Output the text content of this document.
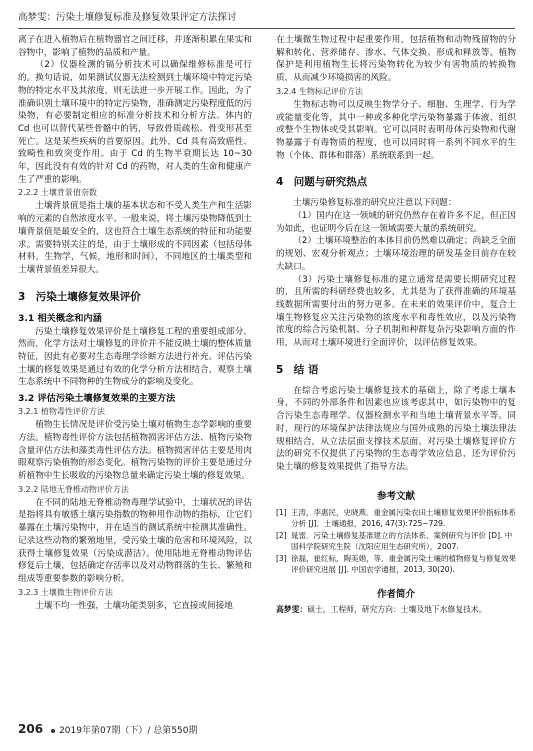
高梦雯：污染土壤修复标准及修复效果评定方法探讨

离子在进入植物后在植物器官之间迁移，并逐渐积累在果实和谷物中，影响了植物的品质和产量。

（2）仪器检测的镉分析技术可以确保维修标准是可行的。换句话说，如果测试仪器无法检测到土壤环境中特定污染物的特定水平及其浓度，则无法进一步开展工作。因此，为了准确识别土壤环境中的特定污染物，准确测定污染程度低的污染物，有必要制定相应的标准分析技术和分析方法。体内的 Cd 也可以替代某些骨骼中的钙，导致骨质疏松、骨变形甚至死亡。这是某些疾病的首要原因。此外，Cd 具有高致癌性、致畸性和致突变作用。由于 Cd 的生物半衰期长达 10~30 年，因此没有有效的针对 Cd 的药物，对人类的生命和健康产生了严重的影响。

2.2.2 土壤背景值奈数

土壤背景值是指土壤的基本状态和不受人类生产和生活影响的元素的自然浓度水平。一般来说，将土壤污染物降低到土壤背景值是最安全的，这也符合土壤生态系统的特征和功能要求。需要特别关注的是，由于土壤形成的不同因素（包括母体材料，生物学，气候，地形和时间），不同地区的土壤类型和土壤背景值差异很大。

3　污染土壤修复效果评价
3.1 相关概念和内涵

污染土壤修复效果评价是土壤修复工程的重要组成部分。然而，化学方法对土壤修复的评价并不能反映土壤的整体质量特征，因此有必要对生态毒理学诊断方法进行补充。评估污染土壤的修复效果是通过有效的化学分析方法相结合，观察土壤生态系统中不同物种的生物成分的影响及变化。

3.2 评估污染土壤修复效果的主要方法
3.2.1 植物毒性评价方法

植物生长情况是评价受污染土壤对植物生态学影响的重要方法。植物毒性评价方法包括植物损害评估方法、植物污染物含量评估方法和藻类毒性评估方法。植物损害评估主要是用肉眼观察污染植物的形态变化。植物污染物的评价主要是通过分析植物中生长吸收的污染物总量来确定污染土壤的修复效果。

3.2.2 陆地无脊椎动物评价方法

在不同的陆地无脊椎动物毒理学试验中，土壤状况的评估是指将具有敏感土壤污染指数的物种用作动物的指标，让它们暴露在土壤污染物中，并在适当的测试系统中检测其准确性。记录这些动物的繁殖地里，受污染土壤的危害和环境风险，以获得土壤修复效果（污染成潜洁）。使用陆地无脊椎动物评估修复后土壤，包括确定存活率以及对动物群落的生长、繁殖和组成等重要参数的影响分析。

3.2.3 土壤微生物评价方法

土壤不均一性强，土壤功能类别多，它直接或间接地

在土壤微生物过程中起重要作用，包括植物和动物残留物的分解和转化、营养储存、渗水、气体交换、形成和释放等。植物保护是利用植物生长将污染物转化为较少有害物质的转换物质，从而减少环境损害的风险。

3.2.4 生物标记评价方法

生物标志物可以反映生物学分子、细胞、生理学、行为学或能量变化等，其中一种或多种化学污染物暴露于体液、组织或整个生物体或受其影响。它可以同时表明母体污染物和代谢物暴露于有毒物质的程度，也可以同时将一系列不同水平的生物（个体、群体和群落）系统联系到一起。

4　问题与研究热点

土壤污染修复标准的研究应注意以下问题：

（1）国内在这一领域的研究仍然存在着许多不足，但正因为如此，也证明今后在这一领域需要大量的系统研究。

（2）土壤环境整治的本体目前仍然难以确定；尚缺乏全面的规划、宏观分析观点；土壤环境治理的研发基金目前存在较大缺口。

（3）污染土壤修复标准的建立通常是需要长期研究过程的，且所需的科研经费也较多，尤其是为了获得准确的环境基线数据所需要付出的努力更多。在未来的效果评价中，复合土壤生物修复应关注污染物的浓度水平和毒性效应，以及污染物浓度的综合污染机制、分子机制和种群复杂污染影响方面的作用，从而对土壤环境进行全面评价，以评估修复效果。

5　结 语

在综合考虑污染土壤修复技术的基础上，除了考虑土壤本身，不同的外部条件和因素也应该考虑其中，如污染物中的复合污染生态毒理学、仪器检测水平和当地土壤背景水平等。同时，现行的环境保护法律法规应与国外成熟的污染土壤法律法规相结合，从立法层面支撑技术层面。对污染土壤修复评价方法的研究不仅提供了污染物的生态毒学效应信息，还为评价污染土壤的修复效果提供了指导方法。

参考文献
[1] 王涛，李惠民，史晓燕．重金属污染农田土壤修复效果评价指标体系分析 [J]．土壤通报，2016, 47(3):725−729.
[2] 晁雷．污染土壤修复基准建立的方法体系、案例研究与评价 [D]. 中国科学院研究生院（沈阳应用生态研究所），2007.
[3] 徐磊，崔红标，陶美娟，等．重金属污染土壤的植物修复与修复效果评价研究进展 [J]. 中国农学通报，2013, 30(20).
作者简介
高梦雯：硕士，工程师，研究方向：土壤及地下水修复技术。
206 2019年第07期（下）/ 总第550期
